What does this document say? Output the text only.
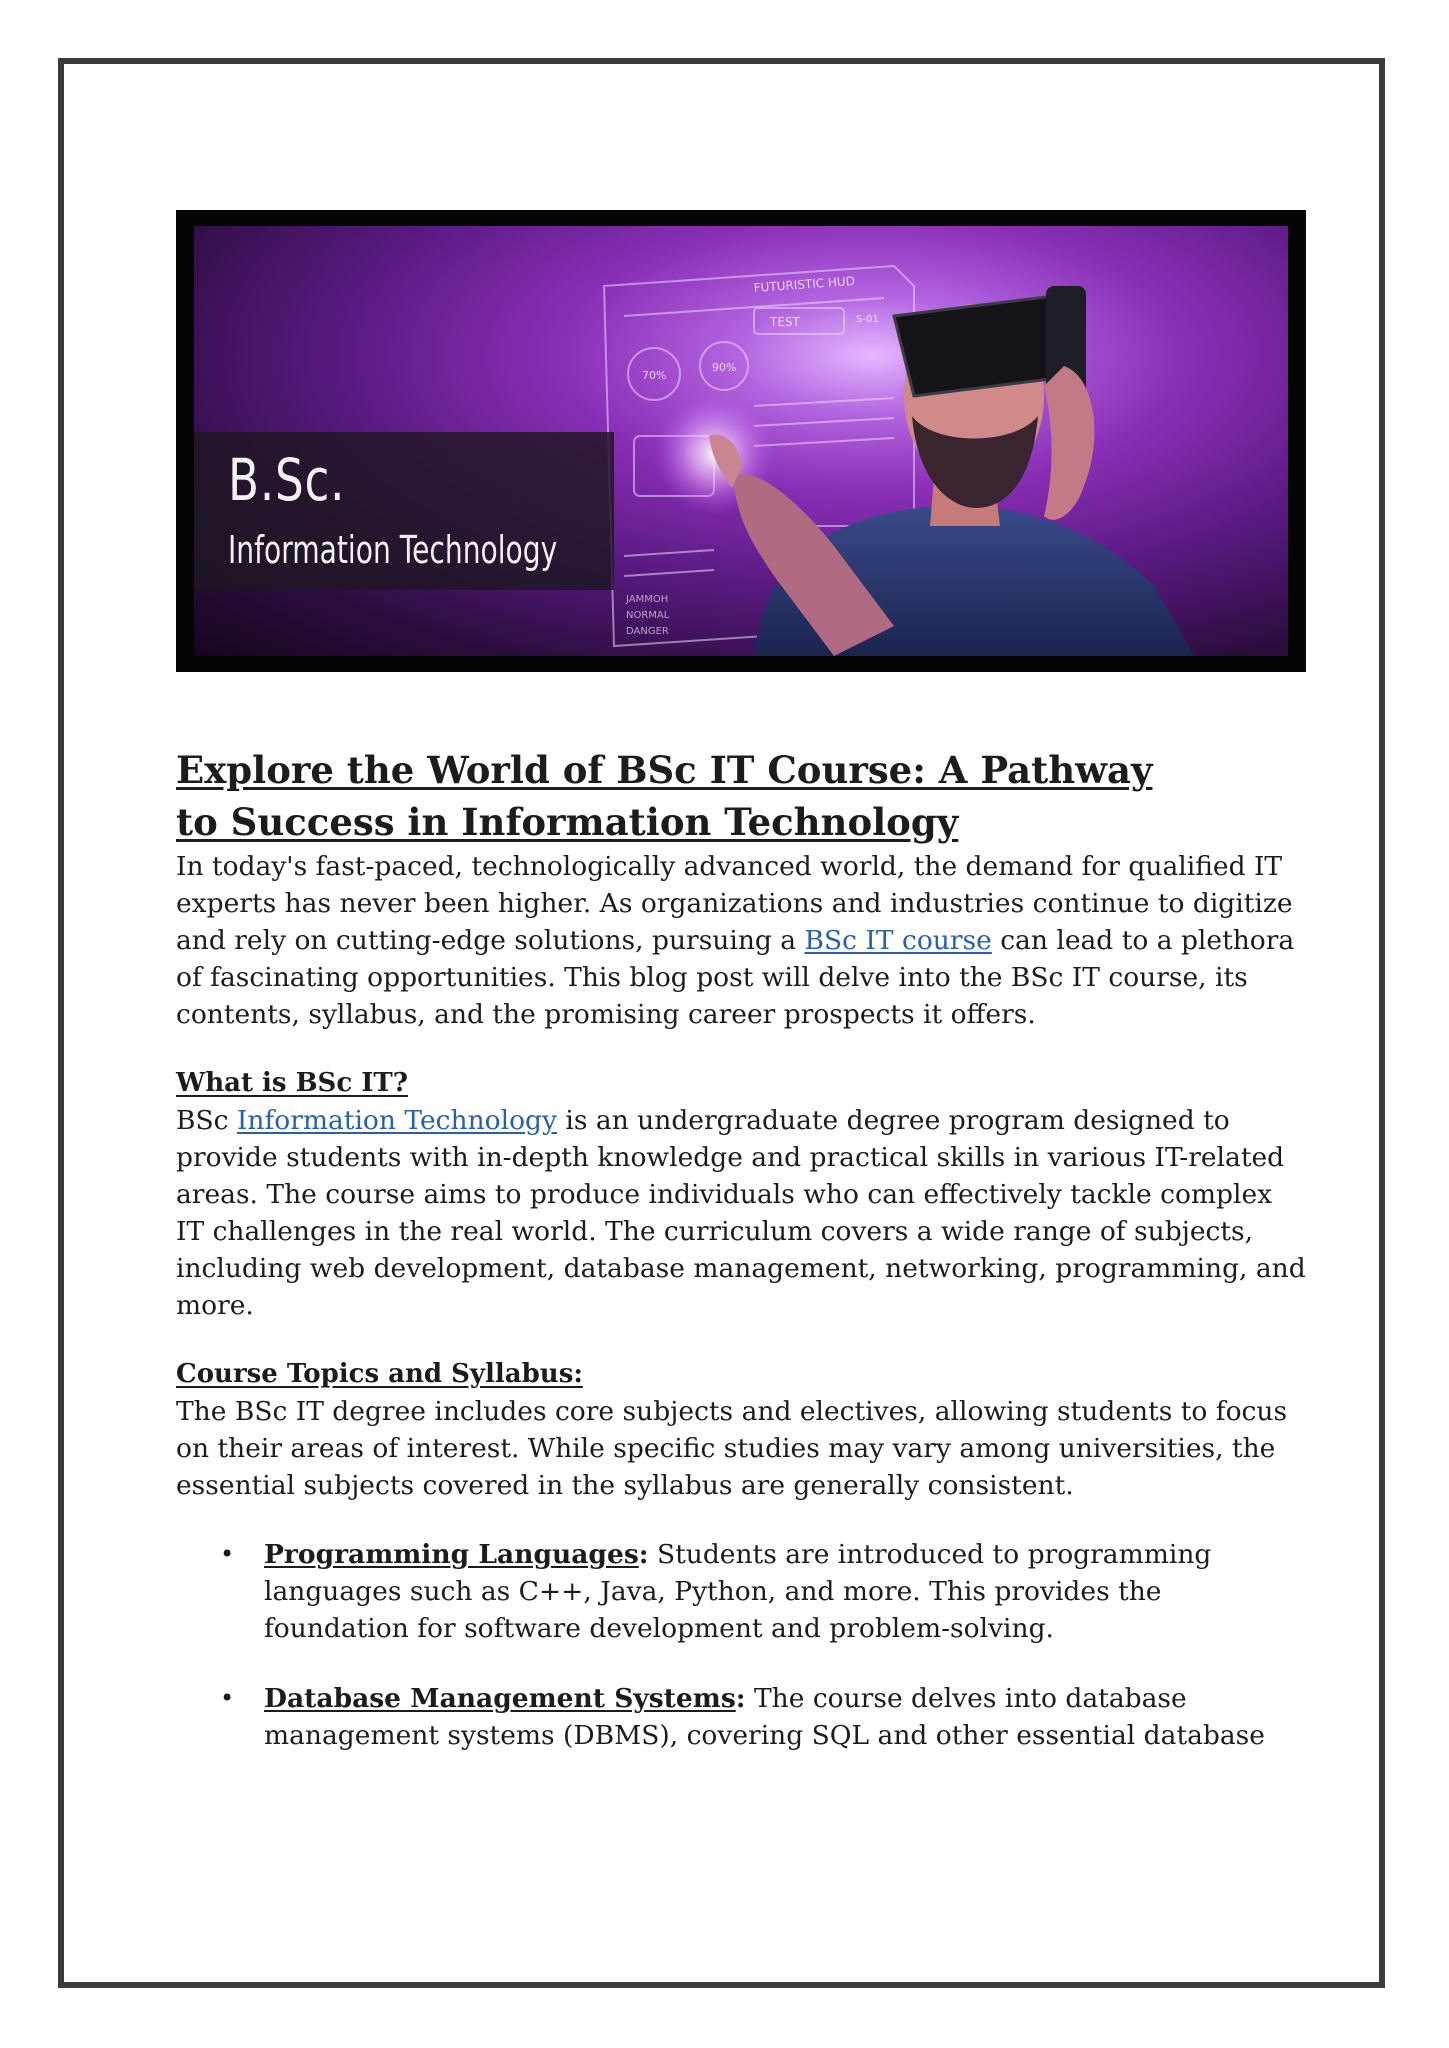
FUTURISTIC HUD
TEST
70%
90%
S-01
NORMAL
DANGER
JAMMOH
B.Sc.
Information Technology
Explore the World of BSc IT Course: A Pathway to Success in Information Technology

In today's fast-paced, technologically advanced world, the demand for qualified IT experts has never been higher. As organizations and industries continue to digitize and rely on cutting-edge solutions, pursuing a BSc IT course can lead to a plethora of fascinating opportunities. This blog post will delve into the BSc IT course, its contents, syllabus, and the promising career prospects it offers.

What is BSc IT?

BSc Information Technology is an undergraduate degree program designed to provide students with in-depth knowledge and practical skills in various IT-related areas. The course aims to produce individuals who can effectively tackle complex IT challenges in the real world. The curriculum covers a wide range of subjects, including web development, database management, networking, programming, and more.

Course Topics and Syllabus:

The BSc IT degree includes core subjects and electives, allowing students to focus on their areas of interest. While specific studies may vary among universities, the essential subjects covered in the syllabus are generally consistent.

• Programming Languages: Students are introduced to programming languages such as C++, Java, Python, and more. This provides the foundation for software development and problem-solving.
• Database Management Systems: The course delves into database management systems (DBMS), covering SQL and other essential database
